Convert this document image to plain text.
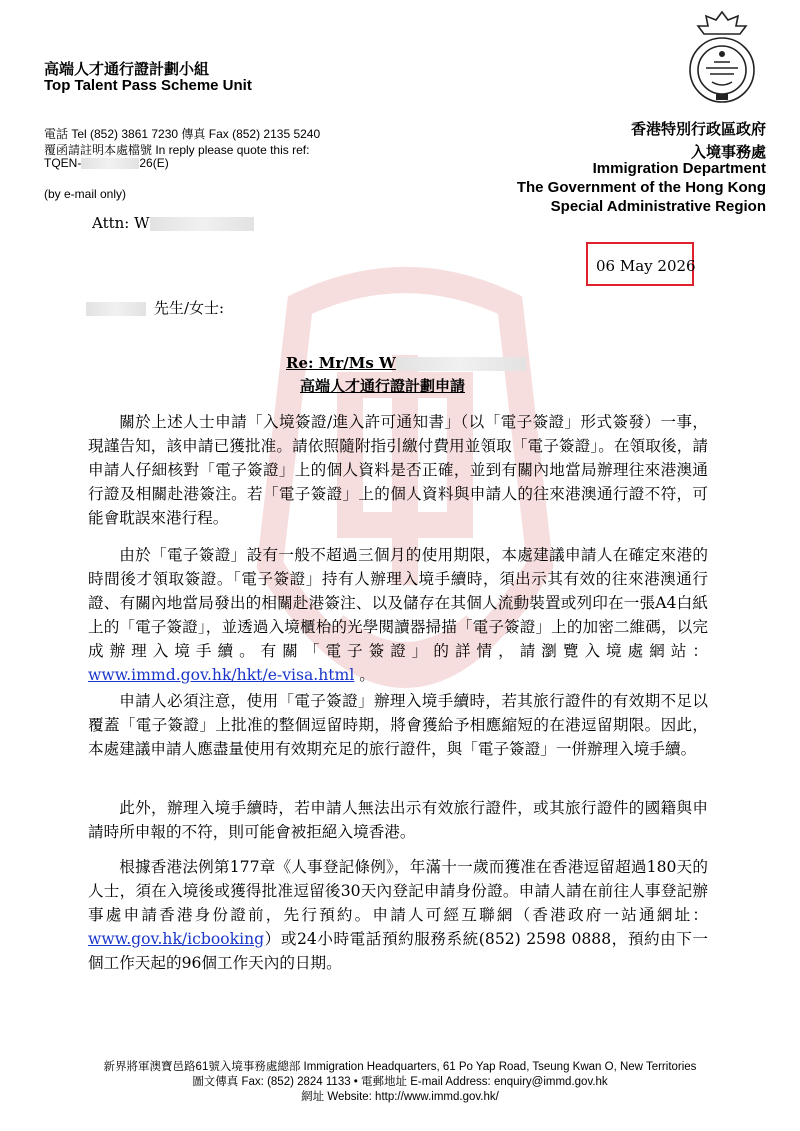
高端人才通行證計劃小組
Top Talent Pass Scheme Unit
電話 Tel (852) 3861 7230 傳真 Fax (852) 2135 5240
覆函請註明本處檔號 In reply please quote this ref:
TQEN-	26(E)
(by e-mail only)
香港特別行政區政府
入境事務處
Immigration Department
The Government of the Hong Kong
Special Administrative Region
Attn: W
06 May 2026
先生/女士:
Re: Mr/Ms W
高端人才通行證計劃申請
關於上述人士申請「入境簽證/進入許可通知書」（以「電子簽證」形式簽發）一事，現謹告知，該申請已獲批准。請依照隨附指引繳付費用並領取「電子簽證」。在領取後，請申請人仔細核對「電子簽證」上的個人資料是否正確，並到有關內地當局辦理往來港澳通行證及相關赴港簽注。若「電子簽證」上的個人資料與申請人的往來港澳通行證不符，可能會耽誤來港行程。
由於「電子簽證」設有一般不超過三個月的使用期限，本處建議申請人在確定來港的時間後才領取簽證。「電子簽證」持有人辦理入境手續時，須出示其有效的往來港澳通行證、有關內地當局發出的相關赴港簽注、以及儲存在其個人流動裝置或列印在一張A4白紙上的「電子簽證」，並透過入境櫃枱的光學閱讀器掃描「電子簽證」上的加密二維碼，以完成辦理入境手續。有關「電子簽證」的詳情，請瀏覽入境處網站：www.immd.gov.hk/hkt/e-visa.html 。
申請人必須注意，使用「電子簽證」辦理入境手續時，若其旅行證件的有效期不足以覆蓋「電子簽證」上批准的整個逗留時期，將會獲給予相應縮短的在港逗留期限。因此，本處建議申請人應盡量使用有效期充足的旅行證件，與「電子簽證」一併辦理入境手續。
此外，辦理入境手續時，若申請人無法出示有效旅行證件，或其旅行證件的國籍與申請時所申報的不符，則可能會被拒絕入境香港。
根據香港法例第177章《人事登記條例》，年滿十一歲而獲准在香港逗留超過180天的人士，須在入境後或獲得批准逗留後30天內登記申請身份證。申請人請在前往人事登記辦事處申請香港身份證前，先行預約。申請人可經互聯網（香港政府一站通網址：www.gov.hk/icbooking）或24小時電話預約服務系統(852) 2598 0888，預約由下一個工作天起的96個工作天內的日期。
新界將軍澳寶邑路61號入境事務處總部 Immigration Headquarters, 61 Po Yap Road, Tseung Kwan O, New Territories
圖文傳真 Fax: (852) 2824 1133 • 電郵地址 E-mail Address: enquiry@immd.gov.hk
網址 Website: http://www.immd.gov.hk/
